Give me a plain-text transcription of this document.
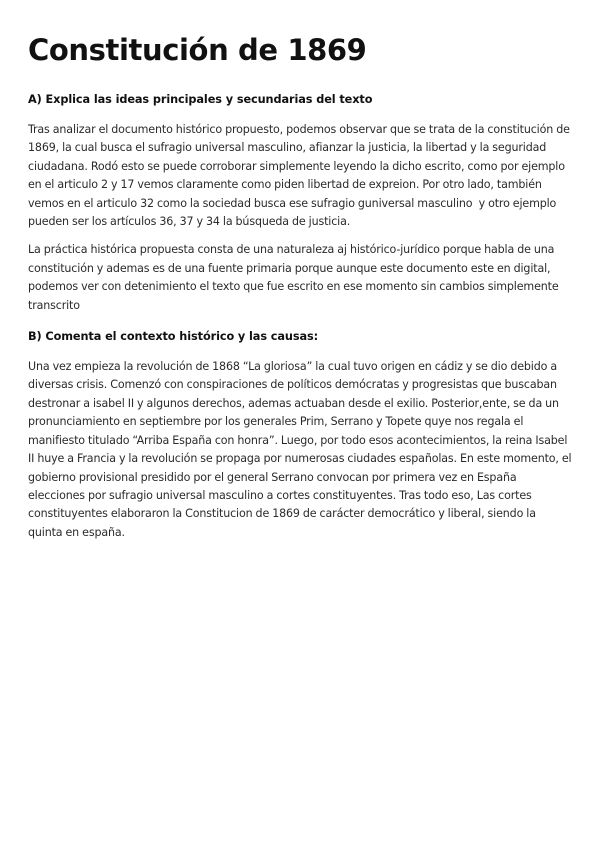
Constitución de 1869
A) Explica las ideas principales y secundarias del texto

Tras analizar el documento histórico propuesto, podemos observar que se trata de la constitución de 1869, la cual busca el sufragio universal masculino, afianzar la justicia, la libertad y la seguridad ciudadana. Rodó esto se puede corroborar simplemente leyendo la dicho escrito, como por ejemplo en el articulo 2 y 17 vemos claramente como piden libertad de expreion. Por otro lado, también vemos en el articulo 32 como la sociedad busca ese sufragio guniversal masculino  y otro ejemplo pueden ser los artículos 36, 37 y 34 la búsqueda de justicia.

La práctica histórica propuesta consta de una naturaleza aj histórico-jurídico porque habla de una constitución y ademas es de una fuente primaria porque aunque este documento este en digital, podemos ver con detenimiento el texto que fue escrito en ese momento sin cambios simplemente transcrito

B) Comenta el contexto histórico y las causas:

Una vez empieza la revolución de 1868 “La gloriosa” la cual tuvo origen en cádiz y se dio debido a diversas crisis. Comenzó con conspiraciones de políticos demócratas y progresistas que buscaban destronar a isabel II y algunos derechos, ademas actuaban desde el exilio. Posterior,ente, se da un pronunciamiento en septiembre por los generales Prim, Serrano y Topete quye nos regala el manifiesto titulado “Arriba España con honra”. Luego, por todo esos acontecimientos, la reina Isabel II huye a Francia y la revolución se propaga por numerosas ciudades españolas. En este momento, el gobierno provisional presidido por el general Serrano convocan por primera vez en España elecciones por sufragio universal masculino a cortes constituyentes. Tras todo eso, Las cortes constituyentes elaboraron la Constitucion de 1869 de carácter democrático y liberal, siendo la quinta en españa.
